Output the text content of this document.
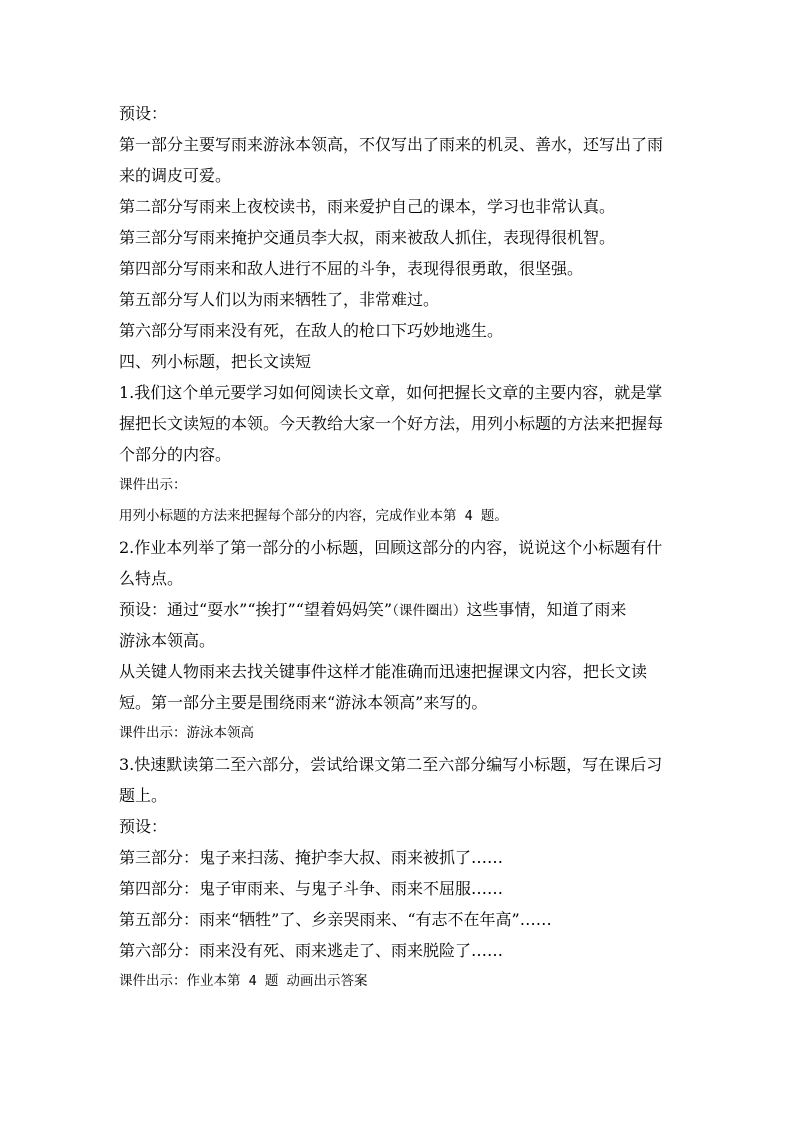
预设：
第一部分主要写雨来游泳本领高，不仅写出了雨来的机灵、善水，还写出了雨
来的调皮可爱。
第二部分写雨来上夜校读书，雨来爱护自己的课本，学习也非常认真。
第三部分写雨来掩护交通员李大叔，雨来被敌人抓住，表现得很机智。
第四部分写雨来和敌人进行不屈的斗争，表现得很勇敢，很坚强。
第五部分写人们以为雨来牺牲了，非常难过。
第六部分写雨来没有死，在敌人的枪口下巧妙地逃生。
四、列小标题，把长文读短
1.我们这个单元要学习如何阅读长文章，如何把握长文章的主要内容，就是掌
握把长文读短的本领。今天教给大家一个好方法，用列小标题的方法来把握每
个部分的内容。
课件出示：
用列小标题的方法来把握每个部分的内容，完成作业本第 4 题。
2.作业本列举了第一部分的小标题，回顾这部分的内容，说说这个小标题有什
么特点。
预设：通过“耍水”“挨打”“望着妈妈笑”（课件圈出）这些事情，知道了雨来
游泳本领高。
从关键人物雨来去找关键事件这样才能准确而迅速把握课文内容，把长文读
短。第一部分主要是围绕雨来“游泳本领高”来写的。
课件出示：游泳本领高
3.快速默读第二至六部分，尝试给课文第二至六部分编写小标题，写在课后习
题上。
预设：
第三部分：鬼子来扫荡、掩护李大叔、雨来被抓了……
第四部分：鬼子审雨来、与鬼子斗争、雨来不屈服……
第五部分：雨来“牺牲”了、乡亲哭雨来、“有志不在年高”……
第六部分：雨来没有死、雨来逃走了、雨来脱险了……
课件出示：作业本第 4 题 动画出示答案
